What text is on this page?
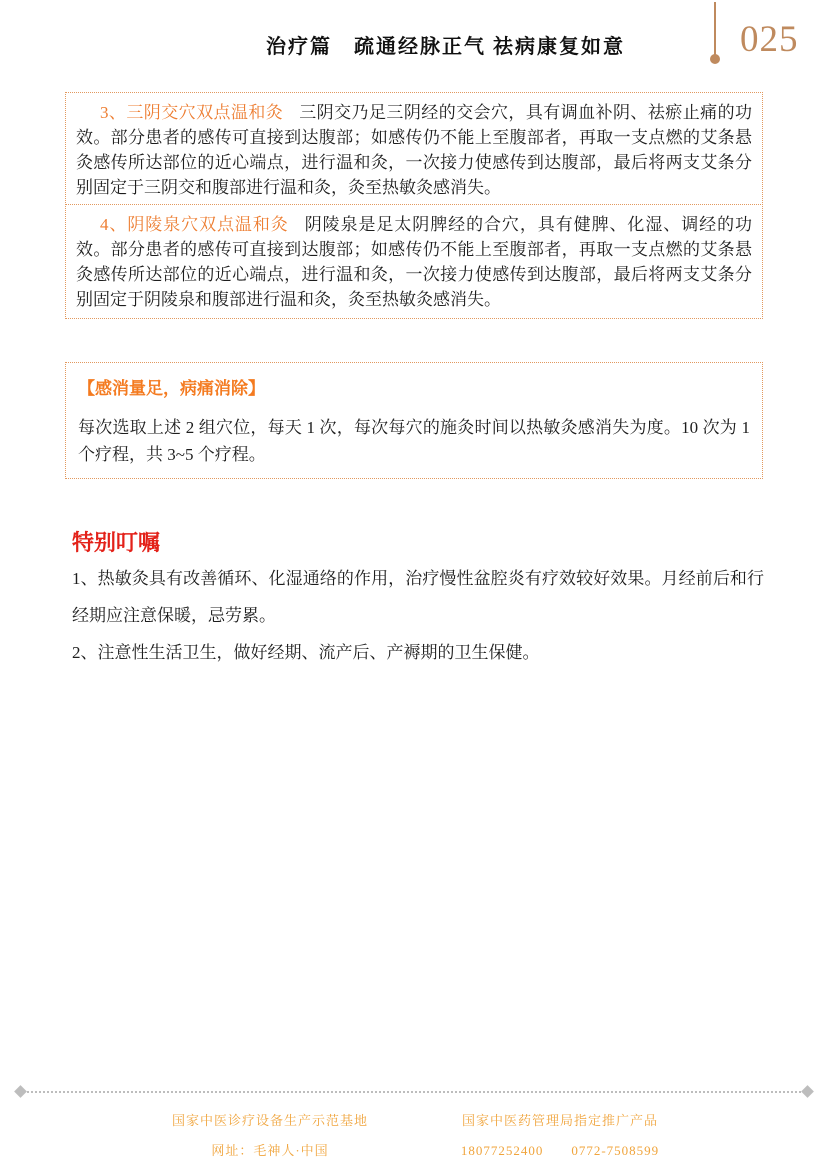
治疗篇　疏通经脉正气 祛病康复如意	025

3、三阴交穴双点温和灸 三阴交乃足三阴经的交会穴，具有调血补阴、祛瘀止痛的功效。部分患者的感传可直接到达腹部；如感传仍不能上至腹部者，再取一支点燃的艾条悬灸感传所达部位的近心端点，进行温和灸，一次接力使感传到达腹部，最后将两支艾条分别固定于三阴交和腹部进行温和灸，灸至热敏灸感消失。

4、阴陵泉穴双点温和灸 阴陵泉是足太阴脾经的合穴，具有健脾、化湿、调经的功效。部分患者的感传可直接到达腹部；如感传仍不能上至腹部者，再取一支点燃的艾条悬灸感传所达部位的近心端点，进行温和灸，一次接力使感传到达腹部，最后将两支艾条分别固定于阴陵泉和腹部进行温和灸，灸至热敏灸感消失。

【感消量足，病痛消除】

每次选取上述 2 组穴位，每天 1 次，每次每穴的施灸时间以热敏灸感消失为度。10 次为 1 个疗程，共 3~5 个疗程。

特别叮嘱

1、热敏灸具有改善循环、化湿通络的作用，治疗慢性盆腔炎有疗效较好效果。月经前后和行经期应注意保暖，忌劳累。

2、注意性生活卫生，做好经期、流产后、产褥期的卫生保健。

国家中医诊疗设备生产示范基地
网址：毛神人·中国
国家中医药管理局指定推广产品
18077252400　　0772-7508599
